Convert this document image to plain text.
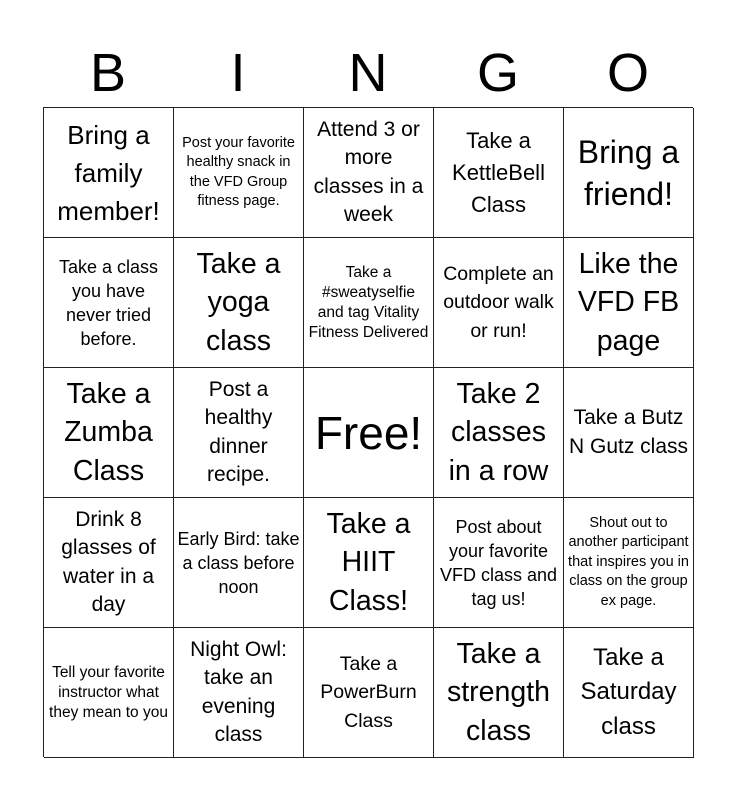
B	I	N	G	O
Bring a family member!
Post your favorite healthy snack in the VFD Group fitness page.
Attend 3 or more classes in a week
Take a KettleBell Class
Bring a friend!
Take a class you have never tried before.
Take a yoga class
Take a #sweatyselfie and tag Vitality Fitness Delivered
Complete an outdoor walk or run!
Like the VFD FB page
Take a Zumba Class
Post a healthy dinner recipe.
Free!
Take 2 classes in a row
Take a Butz N Gutz class
Drink 8 glasses of water in a day
Early Bird: take a class before noon
Take a HIIT Class!
Post about your favorite VFD class and tag us!
Shout out to another participant that inspires you in class on the group ex page.
Tell your favorite instructor what they mean to you
Night Owl: take an evening class
Take a PowerBurn Class
Take a strength class
Take a Saturday class
